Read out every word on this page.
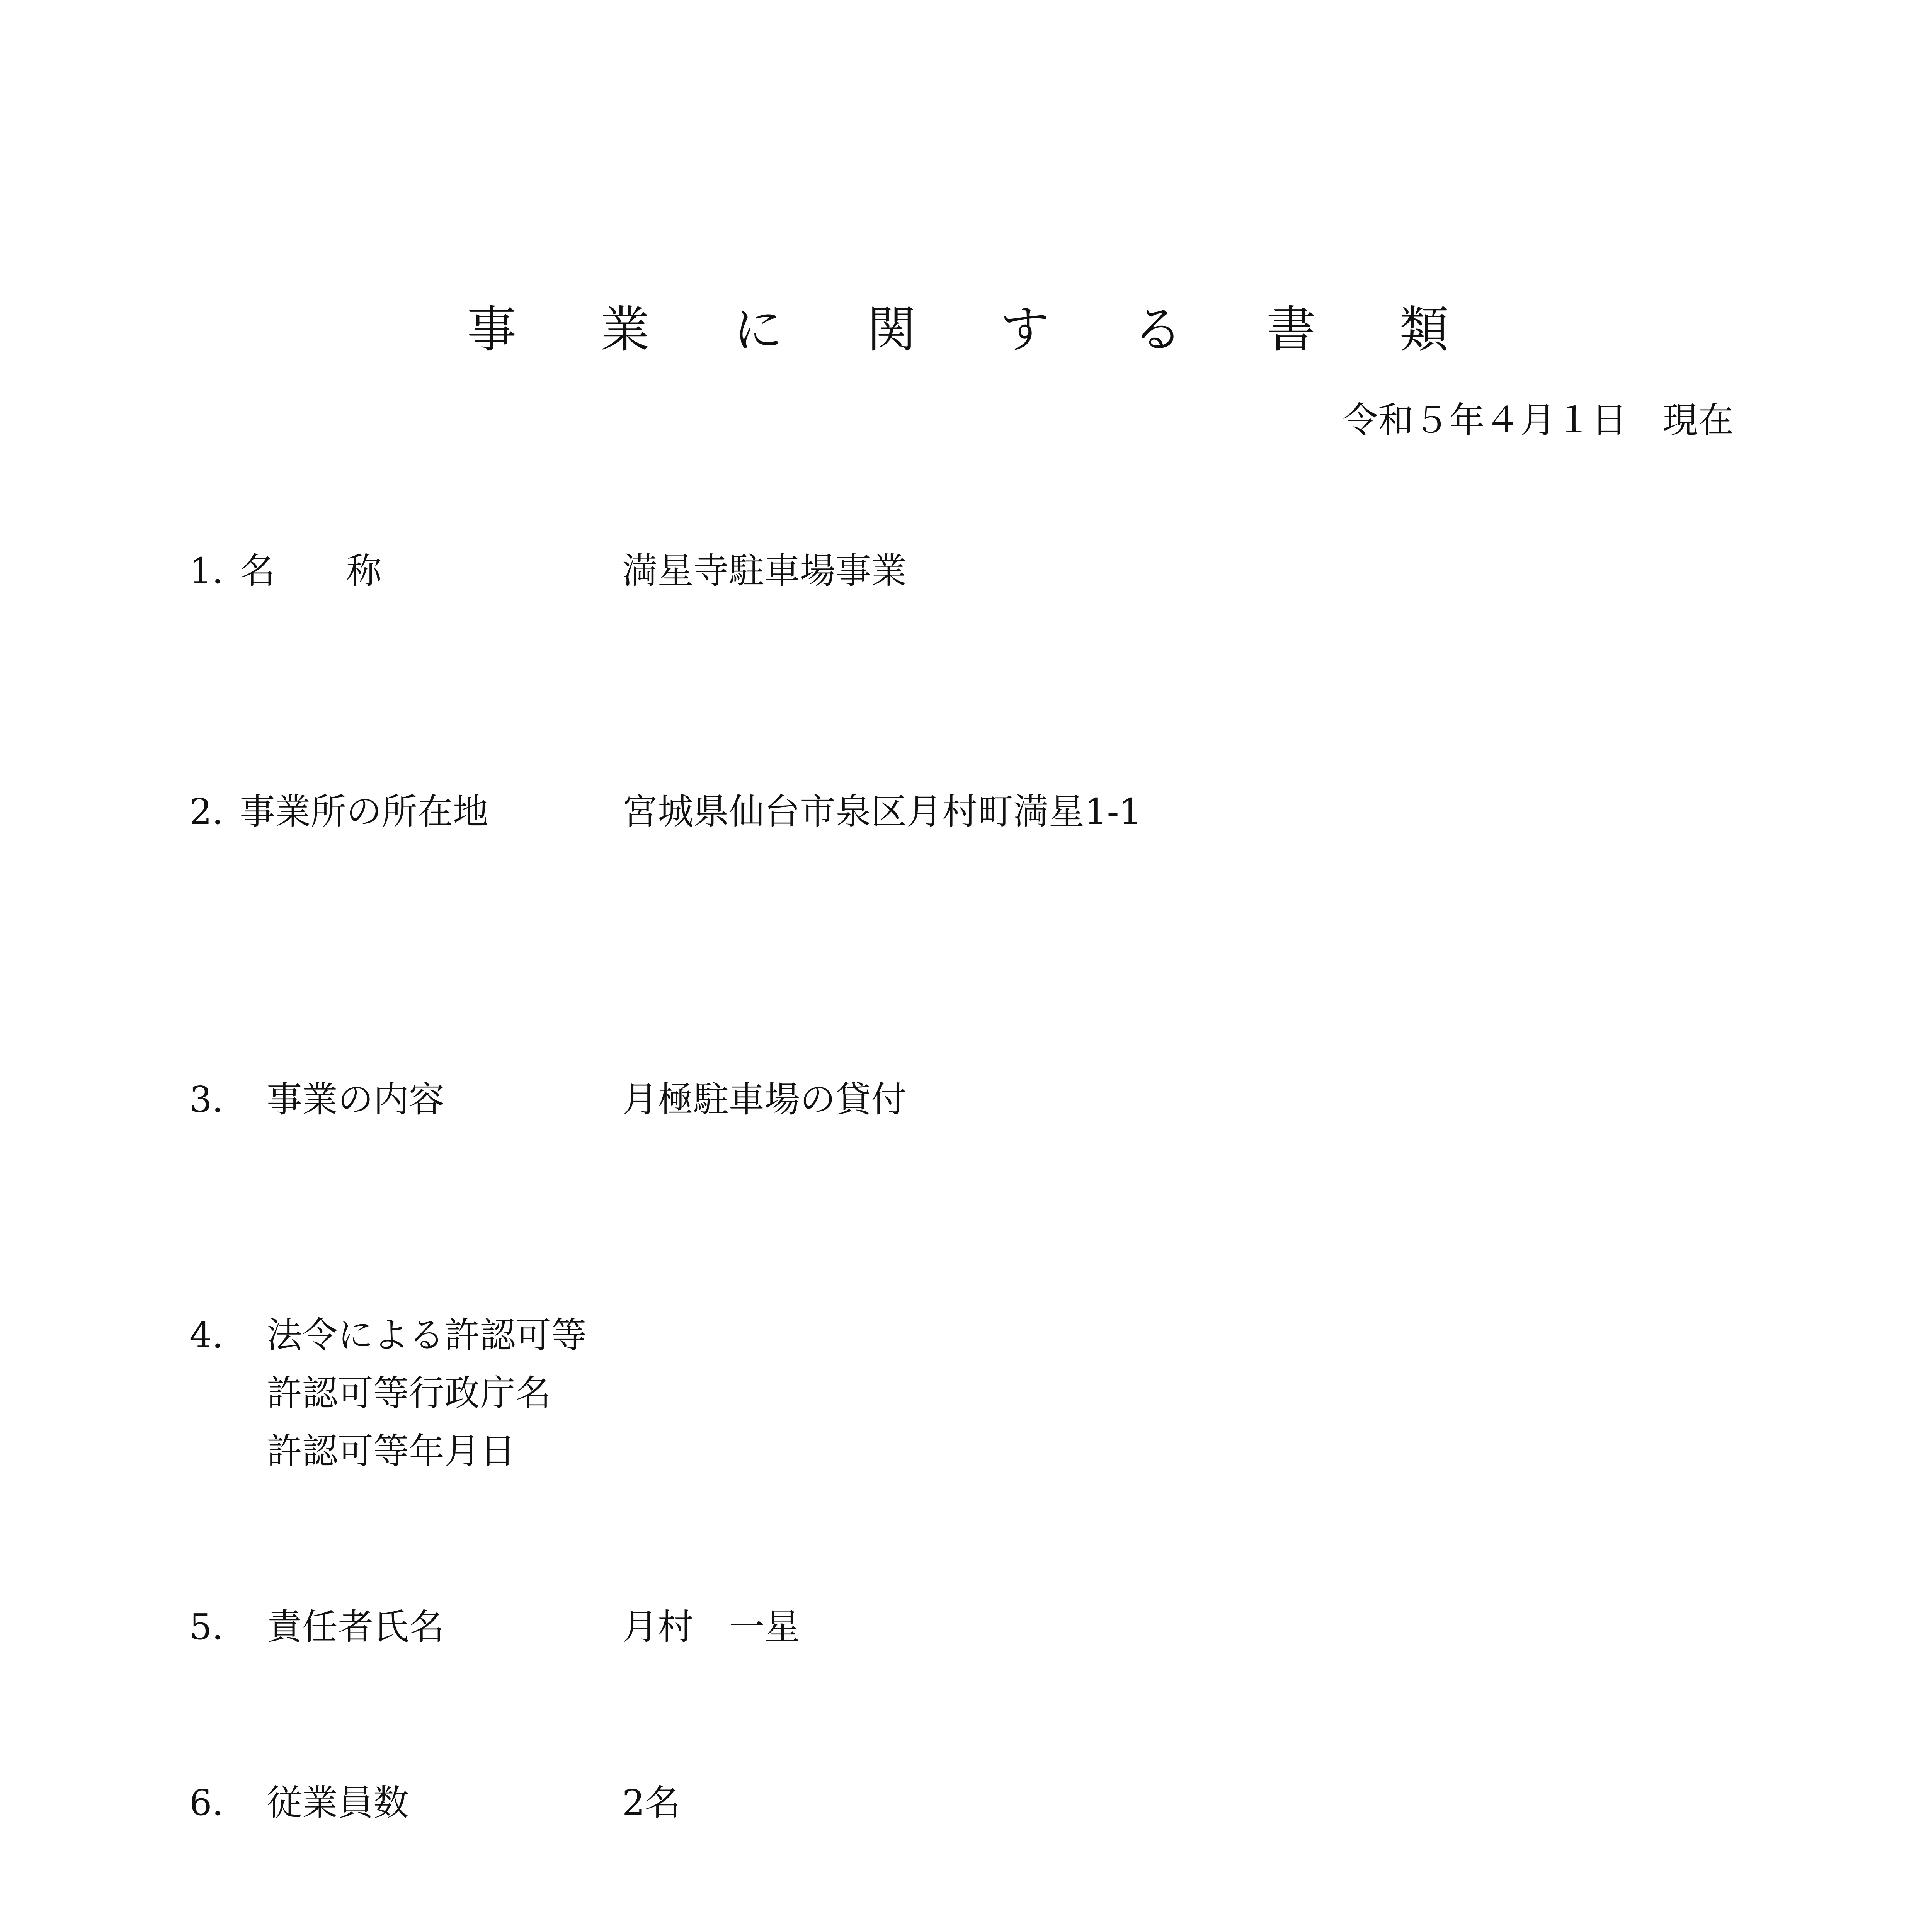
事 業 に 関 す る 書 類
令和５年４月１日　現在
1. 名　　称	満星寺駐車場事業
2. 事業所の所在地	宮城県仙台市泉区月村町満星1-1
3. 事業の内容	月極駐車場の貸付
4. 法令による許認可等
許認可等行政庁名
許認可等年月日
5. 責任者氏名	月村　一星
6. 従業員数	2名
